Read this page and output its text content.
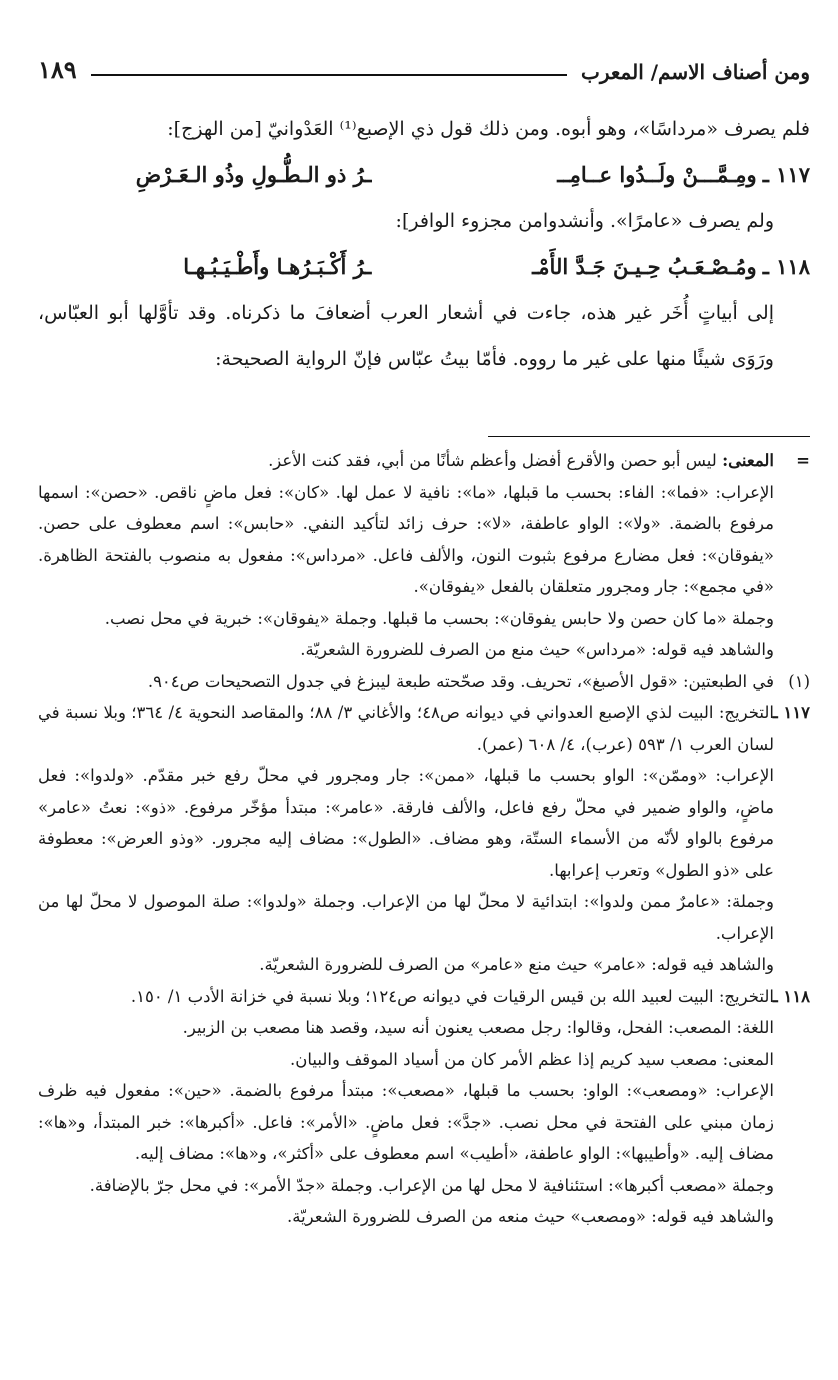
ومن أصناف الاسم/ المعرب
١٨٩

فلم يصرف «مرداسًا»، وهو أبوه. ومن ذلك قول ذي الإصبع⁽¹⁾ العَدْوانيّ [من الهزج]:

١١٧ ـ
ومِـمَّـــنْ ولَــدُوا عــامِــ
ـرُ ذو الـطُّـولِ وذُو الـعَـرْضِ

ولم يصرف «عامرًا». وأنشدوامن مجزوء الوافر]:

١١٨ ـ
ومُـصْـعَـبُ حِـيـنَ جَـدَّ الأَمْـ
ـرُ أَكْـبَـرُهـا وأَطْـيَـبُـهـا

إلى أبياتٍ أُخَر غير هذه، جاءت في أشعار العرب أضعافَ ما ذكرناه. وقد تأوَّلها أبو العبّاس، ورَوَى شيئًا منها على غير ما رووه. فأمّا بيتُ عبّاس فإنّ الرواية الصحيحة:

=
المعنى: ليس أبو حصن والأقرع أفضل وأعظم شأنًا من أبي، فقد كنت الأعز.
الإعراب: «فما»: الفاء: بحسب ما قبلها، «ما»: نافية لا عمل لها. «كان»: فعل ماضٍ ناقص. «حصن»: اسمها مرفوع بالضمة. «ولا»: الواو عاطفة، «لا»: حرف زائد لتأكيد النفي. «حابس»: اسم معطوف على حصن. «يفوقان»: فعل مضارع مرفوع بثبوت النون، والألف فاعل. «مرداس»: مفعول به منصوب بالفتحة الظاهرة. «في مجمع»: جار ومجرور متعلقان بالفعل «يفوقان».
وجملة «ما كان حصن ولا حابس يفوقان»: بحسب ما قبلها. وجملة «يفوقان»: خبرية في محل نصب.
والشاهد فيه قوله: «مرداس» حيث منع من الصرف للضرورة الشعريّة.
(١)
في الطبعتين: «قول الأصبغ»، تحريف. وقد صحّحته طبعة ليبزغ في جدول التصحيحات ص٩٠٤.
١١٧ ـ
التخريج: البيت لذي الإصبع العدواني في ديوانه ص٤٨؛ والأغاني ٣/ ٨٨؛ والمقاصد النحوية ٤/ ٣٦٤؛ وبلا نسبة في لسان العرب ١/ ٥٩٣ (عرب)، ٤/ ٦٠٨ (عمر).
الإعراب: «وممّن»: الواو بحسب ما قبلها، «ممن»: جار ومجرور في محلّ رفع خبر مقدّم. «ولدوا»: فعل ماضٍ، والواو ضمير في محلّ رفع فاعل، والألف فارقة. «عامر»: مبتدأ مؤخّر مرفوع. «ذو»: نعتُ «عامر» مرفوع بالواو لأنّه من الأسماء الستّة، وهو مضاف. «الطول»: مضاف إليه مجرور. «وذو العرض»: معطوفة على «ذو الطول» وتعرب إعرابها.
وجملة: «عامرٌ ممن ولدوا»: ابتدائية لا محلّ لها من الإعراب. وجملة «ولدوا»: صلة الموصول لا محلّ لها من الإعراب.
والشاهد فيه قوله: «عامر» حيث منع «عامر» من الصرف للضرورة الشعريّة.
١١٨ ـ
التخريج: البيت لعبيد الله بن قيس الرقيات في ديوانه ص١٢٤؛ وبلا نسبة في خزانة الأدب ١/ ١٥٠.
اللغة: المصعب: الفحل، وقالوا: رجل مصعب يعنون أنه سيد، وقصد هنا مصعب بن الزبير.
المعنى: مصعب سيد كريم إذا عظم الأمر كان من أسياد الموقف والبيان.
الإعراب: «ومصعب»: الواو: بحسب ما قبلها، «مصعب»: مبتدأ مرفوع بالضمة. «حين»: مفعول فيه ظرف زمان مبني على الفتحة في محل نصب. «جدَّ»: فعل ماضٍ. «الأمر»: فاعل. «أكبرها»: خبر المبتدأ، و«ها»: مضاف إليه. «وأطيبها»: الواو عاطفة، «أطيب» اسم معطوف على «أكثر»، و«ها»: مضاف إليه.
وجملة «مصعب أكبرها»: استئنافية لا محل لها من الإعراب. وجملة «جدّ الأمر»: في محل جرّ بالإضافة.
والشاهد فيه قوله: «ومصعب» حيث منعه من الصرف للضرورة الشعريّة.
